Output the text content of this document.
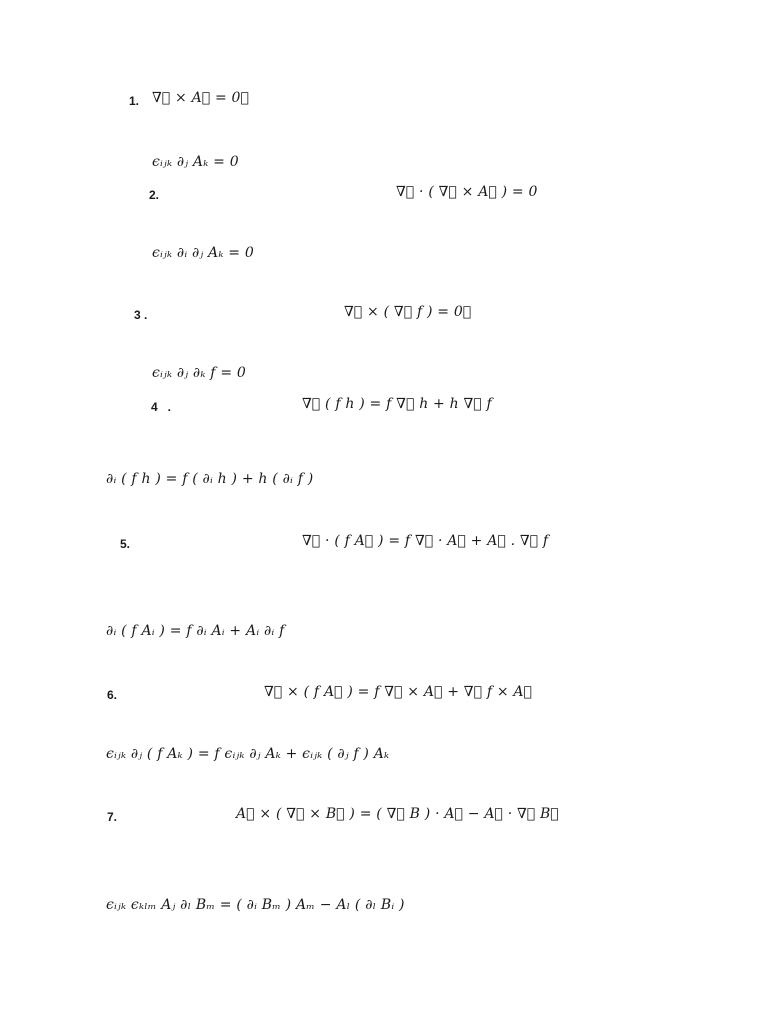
1. ∇⃗ × A⃗ = 0⃗
ϵᵢⱼₖ ∂ⱼ Aₖ = 0
2.	∇⃗ · ( ∇⃗ × A⃗ ) = 0
ϵᵢⱼₖ ∂ᵢ ∂ⱼ Aₖ = 0
3 .	∇⃗ × ( ∇⃗ f ) = 0⃗
ϵᵢⱼₖ ∂ⱼ ∂ₖ f = 0
4   .	∇⃗ ( f h ) = f ∇⃗ h + h ∇⃗ f
∂ᵢ ( f h ) = f ( ∂ᵢ h ) + h ( ∂ᵢ f )
5.	∇⃗ · ( f A⃗ ) = f ∇⃗ · A⃗ + A⃗ . ∇⃗ f
∂ᵢ ( f Aᵢ ) = f ∂ᵢ Aᵢ + Aᵢ ∂ᵢ f
6.	∇⃗ × ( f A⃗ ) = f ∇⃗ × A⃗ + ∇⃗ f × A⃗
ϵᵢⱼₖ ∂ⱼ ( f Aₖ ) = f ϵᵢⱼₖ ∂ⱼ Aₖ + ϵᵢⱼₖ ( ∂ⱼ f ) Aₖ
7.	A⃗ × ( ∇⃗ × B⃗ ) = ( ∇⃗ B ) · A⃗ − A⃗ · ∇⃗ B⃗
ϵᵢⱼₖ ϵₖₗₘ Aⱼ ∂ₗ Bₘ = ( ∂ᵢ Bₘ ) Aₘ − Aₗ ( ∂ₗ Bᵢ )
